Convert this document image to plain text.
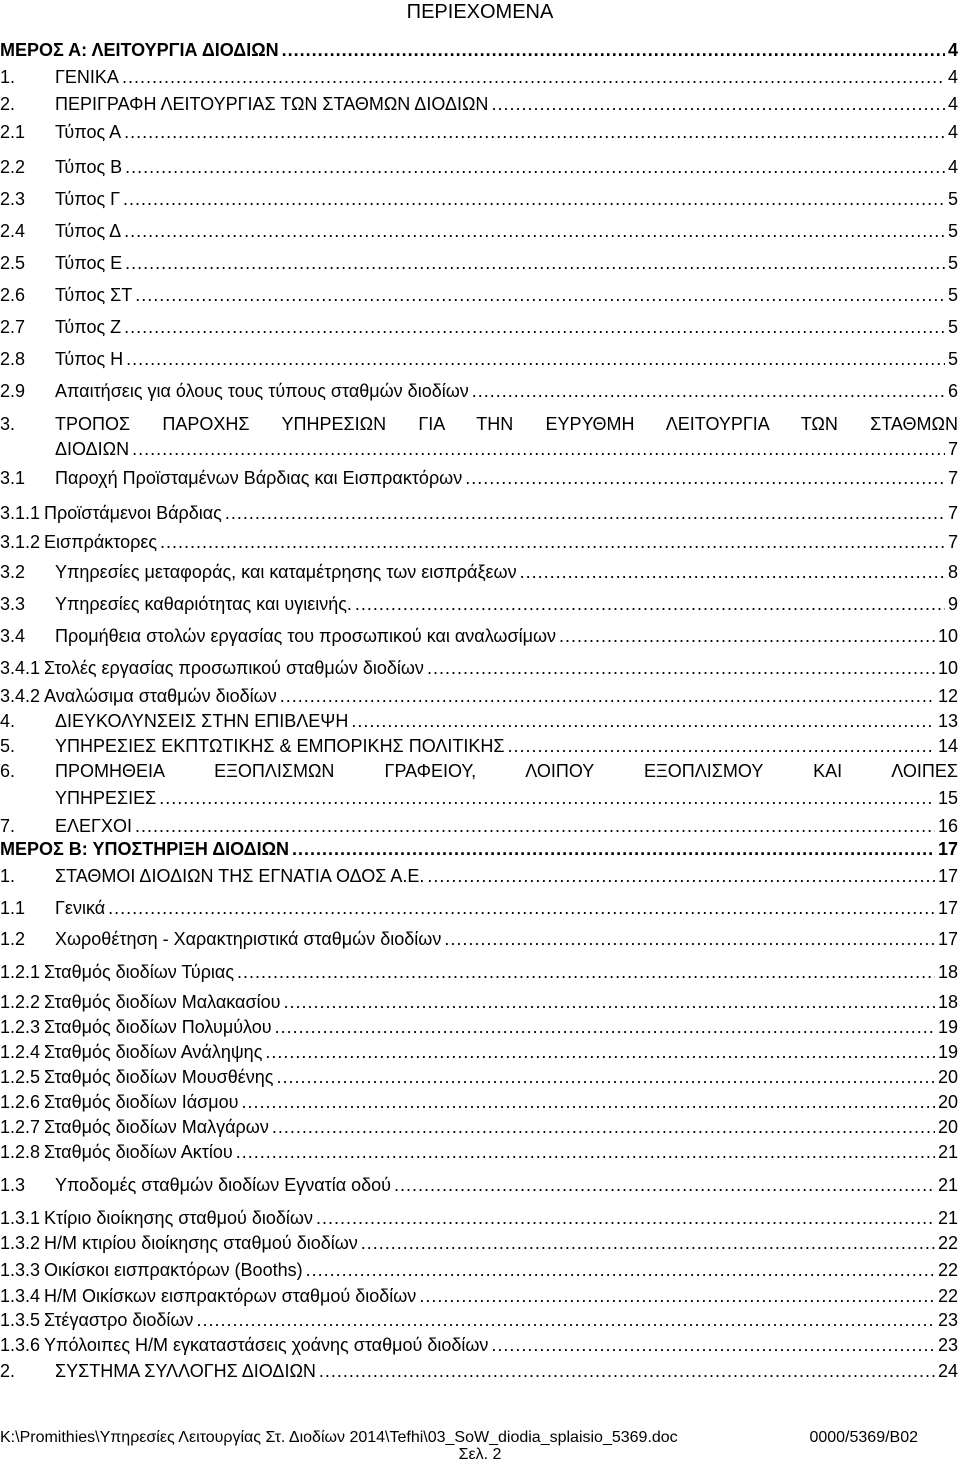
ΠΕΡΙΕΧΟΜΕΝΑ
ΜΕΡΟΣ Α: ΛΕΙΤΟΥΡΓΙΑ ΔΙΟΔΙΩΝ .....	4
1. ΓΕΝΙΚΑ .....	4
2. ΠΕΡΙΓΡΑΦΗ ΛΕΙΤΟΥΡΓΙΑΣ ΤΩΝ ΣΤΑΘΜΩΝ ΔΙΟΔΙΩΝ .....	4
2.1 Τύπος Α .....	4
2.2 Τύπος Β .....	4
2.3 Τύπος Γ .....	5
2.4 Τύπος Δ .....	5
2.5 Τύπος Ε .....	5
2.6 Τύπος ΣΤ .....	5
2.7 Τύπος Ζ .....	5
2.8 Τύπος Η .....	5
2.9 Απαιτήσεις για όλους τους τύπους σταθμών διοδίων .....	6
3. ΤΡΟΠΟΣ ΠΑΡΟΧΗΣ ΥΠΗΡΕΣΙΩΝ ΓΙΑ ΤΗΝ ΕΥΡΥΘΜΗ ΛΕΙΤΟΥΡΓΙΑ ΤΩΝ ΣΤΑΘΜΩΝ
ΔΙΟΔΙΩΝ .....	7
3.1 Παροχή Προϊσταμένων Βάρδιας και Εισπρακτόρων .....	7
3.1.1 Προϊστάμενοι Βάρδιας .....	7
3.1.2 Εισπράκτορες .....	7
3.2 Υπηρεσίες μεταφοράς, και καταμέτρησης των εισπράξεων .....	8
3.3 Υπηρεσίες καθαριότητας και υγιεινής. .....	9
3.4 Προμήθεια στολών εργασίας του προσωπικού και αναλωσίμων .....	10
3.4.1 Στολές εργασίας προσωπικού σταθμών διοδίων .....	10
3.4.2 Αναλώσιμα σταθμών διοδίων .....	12
4. ΔΙΕΥΚΟΛΥΝΣΕΙΣ ΣΤΗΝ ΕΠΙΒΛΕΨΗ .....	13
5. ΥΠΗΡΕΣΙΕΣ ΕΚΠΤΩΤΙΚΗΣ & ΕΜΠΟΡΙΚΗΣ ΠΟΛΙΤΙΚΗΣ .....	14
6. ΠΡΟΜΗΘΕΙΑ ΕΞΟΠΛΙΣΜΩΝ ΓΡΑΦΕΙΟΥ, ΛΟΙΠΟΥ ΕΞΟΠΛΙΣΜΟΥ ΚΑΙ ΛΟΙΠΕΣ
ΥΠΗΡΕΣΙΕΣ .....	15
7. ΕΛΕΓΧΟΙ .....	16
ΜΕΡΟΣ Β: ΥΠΟΣΤΗΡΙΞΗ ΔΙΟΔΙΩΝ .....	17
1. ΣΤΑΘΜΟΙ ΔΙΟΔΙΩΝ ΤΗΣ ΕΓΝΑΤΙΑ ΟΔΟΣ Α.Ε. .....	17
1.1 Γενικά .....	17
1.2 Χωροθέτηση - Χαρακτηριστικά σταθμών διοδίων .....	17
1.2.1 Σταθμός διοδίων Τύριας .....	18
1.2.2 Σταθμός διοδίων Μαλακασίου .....	18
1.2.3 Σταθμός διοδίων Πολυμύλου .....	19
1.2.4 Σταθμός διοδίων Ανάληψης .....	19
1.2.5 Σταθμός διοδίων Μουσθένης .....	20
1.2.6 Σταθμός διοδίων Ιάσμου .....	20
1.2.7 Σταθμός διοδίων Μαλγάρων .....	20
1.2.8 Σταθμός διοδίων Ακτίου .....	21
1.3 Υποδομές σταθμών διοδίων Εγνατία οδού .....	21
1.3.1 Κτίριο διοίκησης σταθμού διοδίων .....	21
1.3.2 Η/Μ κτιρίου διοίκησης σταθμού διοδίων .....	22
1.3.3 Οικίσκοι εισπρακτόρων (Booths) .....	22
1.3.4 Η/Μ Οικίσκων εισπρακτόρων σταθμού διοδίων .....	22
1.3.5 Στέγαστρο διοδίων .....	23
1.3.6 Υπόλοιπες Η/Μ εγκαταστάσεις χοάνης σταθμού διοδίων .....	23
2. ΣΥΣΤΗΜΑ ΣΥΛΛΟΓΗΣ ΔΙΟΔΙΩΝ .....	24
K:\Promithies\Υπηρεσίες Λειτουργίας Στ. Διοδίων 2014\Tefhi\03_SoW_diodia_splaisio_5369.doc	0000/5369/B02
Σελ. 2
